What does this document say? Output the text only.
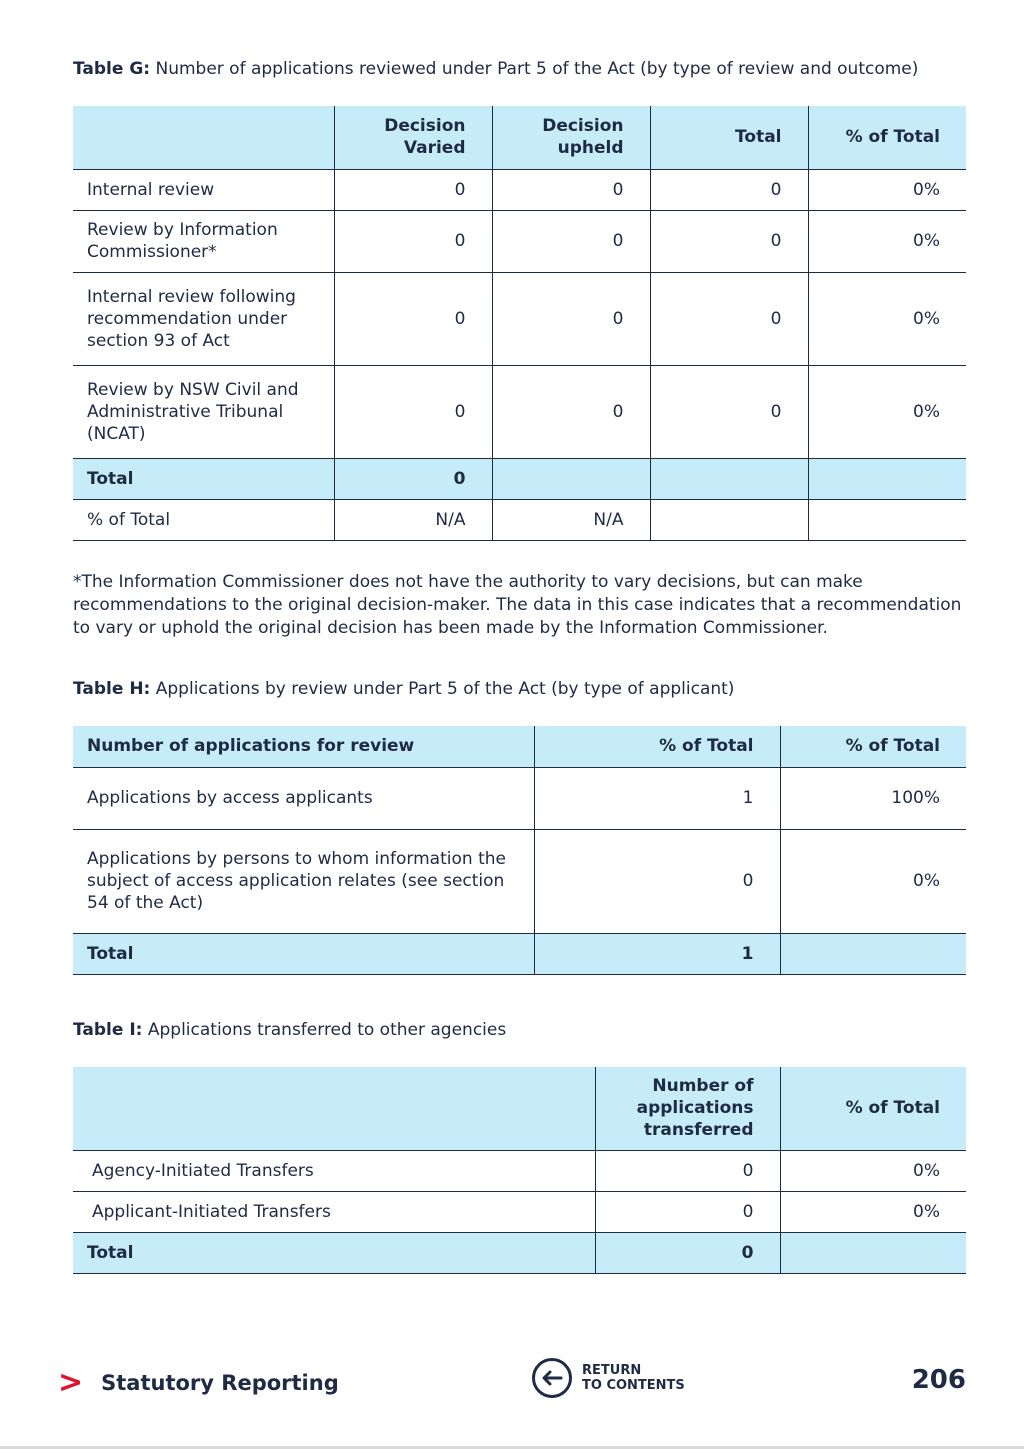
Table G: Number of applications reviewed under Part 5 of the Act (by type of review and outcome)
	Decision Varied	Decision upheld	Total	% of Total
Internal review	0	0	0	0%
Review by Information Commissioner*	0	0	0	0%
Internal review following recommendation under section 93 of Act	0	0	0	0%
Review by NSW Civil and Administrative Tribunal (NCAT)	0	0	0	0%
Total	0			
% of Total	N/A	N/A		
*The Information Commissioner does not have the authority to vary decisions, but can make recommendations to the original decision-maker. The data in this case indicates that a recommendation to vary or uphold the original decision has been made by the Information Commissioner.
Table H: Applications by review under Part 5 of the Act (by type of applicant)
Number of applications for review	% of Total	% of Total
Applications by access applicants	1	100%
Applications by persons to whom information the subject of access application relates (see section 54 of the Act)	0	0%
Total	1	
Table I: Applications transferred to other agencies
	Number of applications transferred	% of Total
Agency-Initiated Transfers	0	0%
Applicant-Initiated Transfers	0	0%
Total	0	
> Statutory Reporting
RETURN
TO CONTENTS	206
